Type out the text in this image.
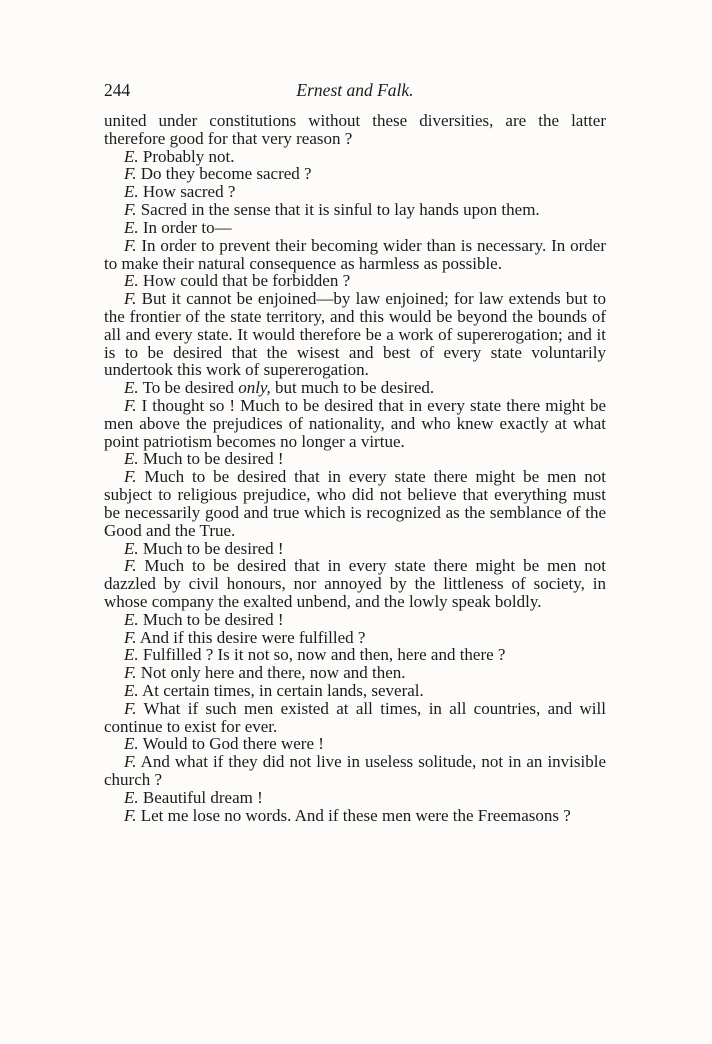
244	Ernest and Falk.

united under constitutions without these diversities, are the latter therefore good for that very reason ?

E. Probably not.

F. Do they become sacred ?

E. How sacred ?

F. Sacred in the sense that it is sinful to lay hands upon them.

E. In order to—

F. In order to prevent their becoming wider than is necessary. In order to make their natural consequence as harmless as possible.

E. How could that be forbidden ?

F. But it cannot be enjoined—by law enjoined; for law extends but to the frontier of the state territory, and this would be beyond the bounds of all and every state. It would therefore be a work of supererogation; and it is to be desired that the wisest and best of every state voluntarily undertook this work of supererogation.

E. To be desired only, but much to be desired.

F. I thought so ! Much to be desired that in every state there might be men above the prejudices of nationality, and who knew exactly at what point patriotism becomes no longer a virtue.

E. Much to be desired !

F. Much to be desired that in every state there might be men not subject to religious prejudice, who did not believe that everything must be necessarily good and true which is recognized as the semblance of the Good and the True.

E. Much to be desired !

F. Much to be desired that in every state there might be men not dazzled by civil honours, nor annoyed by the littleness of society, in whose company the exalted unbend, and the lowly speak boldly.

E. Much to be desired !

F. And if this desire were fulfilled ?

E. Fulfilled ? Is it not so, now and then, here and there ?

F. Not only here and there, now and then.

E. At certain times, in certain lands, several.

F. What if such men existed at all times, in all countries, and will continue to exist for ever.

E. Would to God there were !

F. And what if they did not live in useless solitude, not in an invisible church ?

E. Beautiful dream !

F. Let me lose no words. And if these men were the Freemasons ?
